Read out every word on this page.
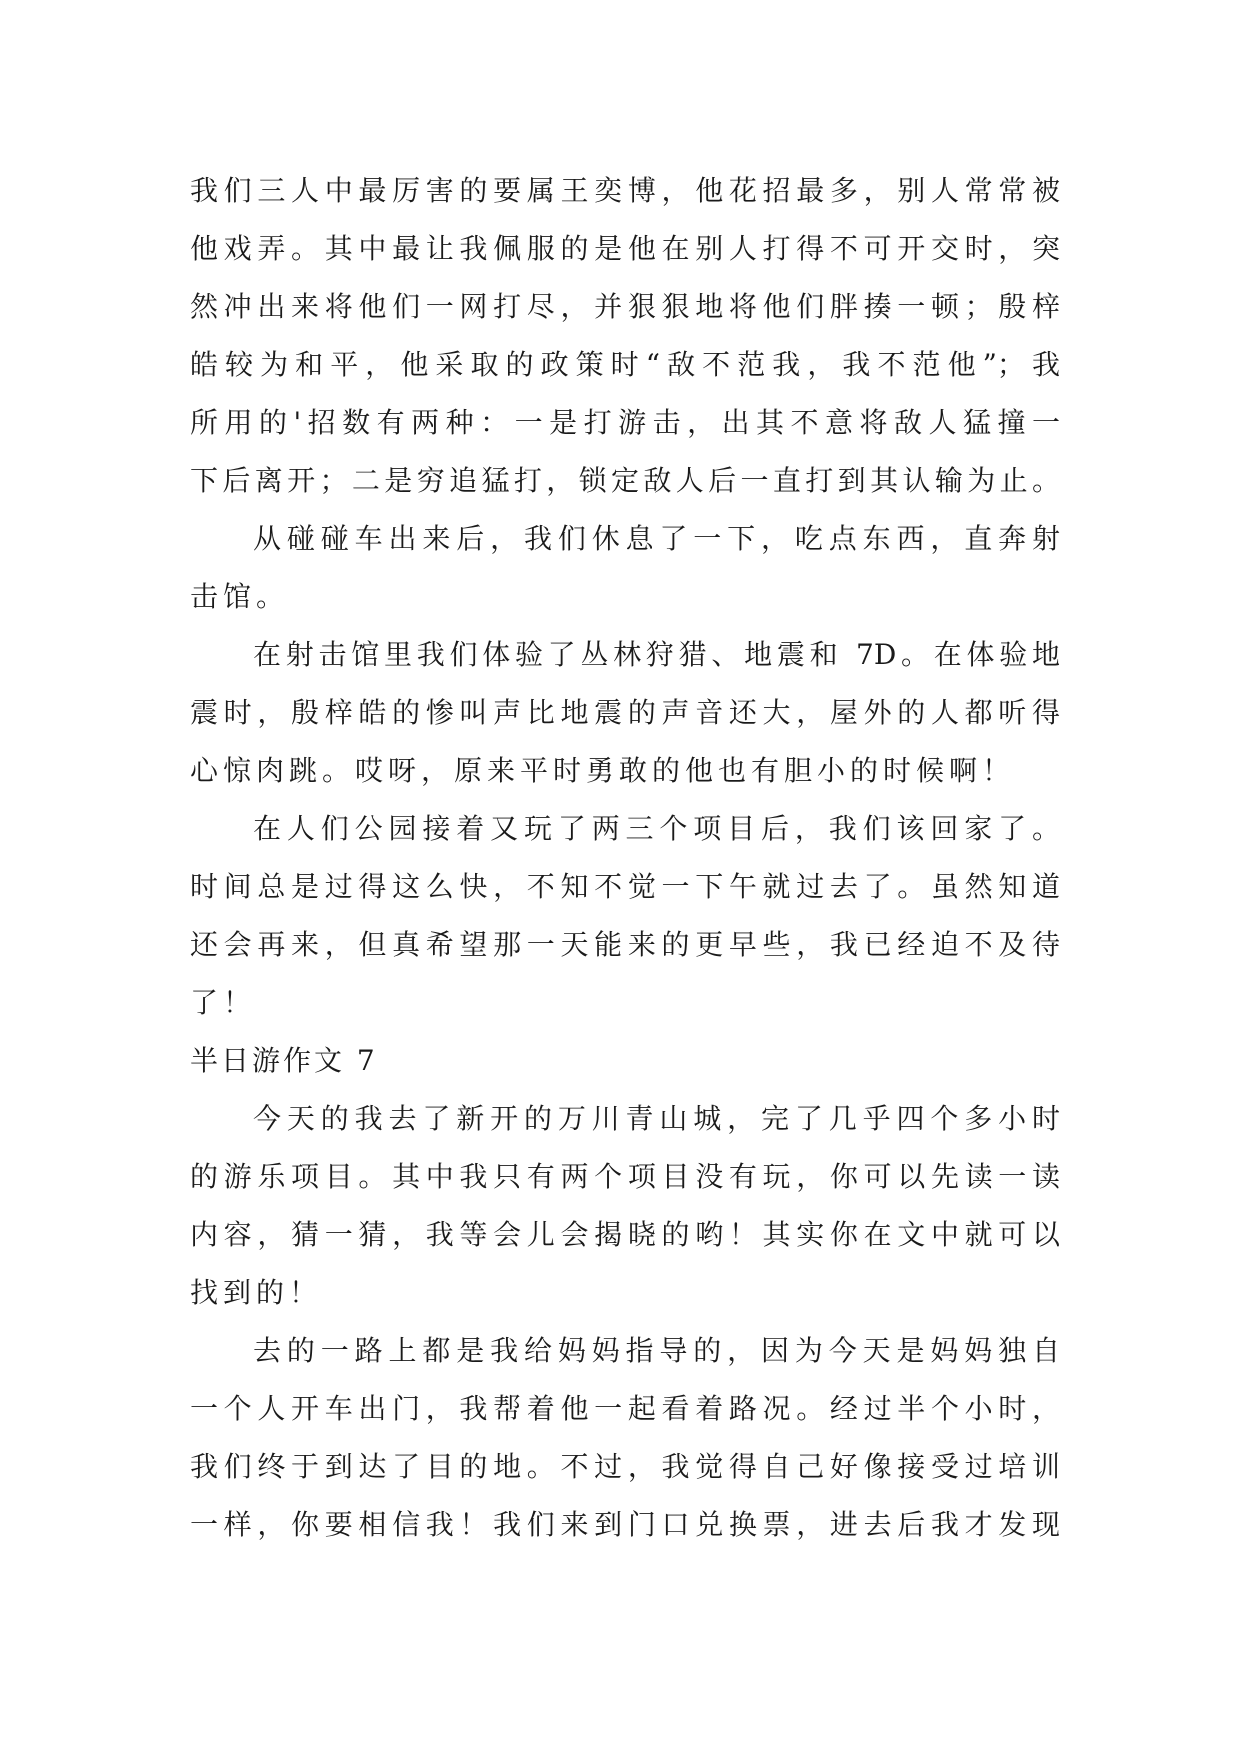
我们三人中最厉害的要属王奕博，他花招最多，别人常常被
他戏弄。其中最让我佩服的是他在别人打得不可开交时，突
然冲出来将他们一网打尽，并狠狠地将他们胖揍一顿；殷梓
皓较为和平，他采取的政策时“敌不范我，我不范他”；我
所用的'招数有两种：一是打游击，出其不意将敌人猛撞一
下后离开；二是穷追猛打，锁定敌人后一直打到其认输为止。
从碰碰车出来后，我们休息了一下，吃点东西，直奔射
击馆。
在射击馆里我们体验了丛林狩猎、地震和 7D。在体验地
震时，殷梓皓的惨叫声比地震的声音还大，屋外的人都听得
心惊肉跳。哎呀，原来平时勇敢的他也有胆小的时候啊！
在人们公园接着又玩了两三个项目后，我们该回家了。
时间总是过得这么快，不知不觉一下午就过去了。虽然知道
还会再来，但真希望那一天能来的更早些，我已经迫不及待
了！
半日游作文 7
今天的我去了新开的万川青山城，完了几乎四个多小时
的游乐项目。其中我只有两个项目没有玩，你可以先读一读
内容，猜一猜，我等会儿会揭晓的哟！其实你在文中就可以
找到的！
去的一路上都是我给妈妈指导的，因为今天是妈妈独自
一个人开车出门，我帮着他一起看着路况。经过半个小时，
我们终于到达了目的地。不过，我觉得自己好像接受过培训
一样，你要相信我！我们来到门口兑换票，进去后我才发现
